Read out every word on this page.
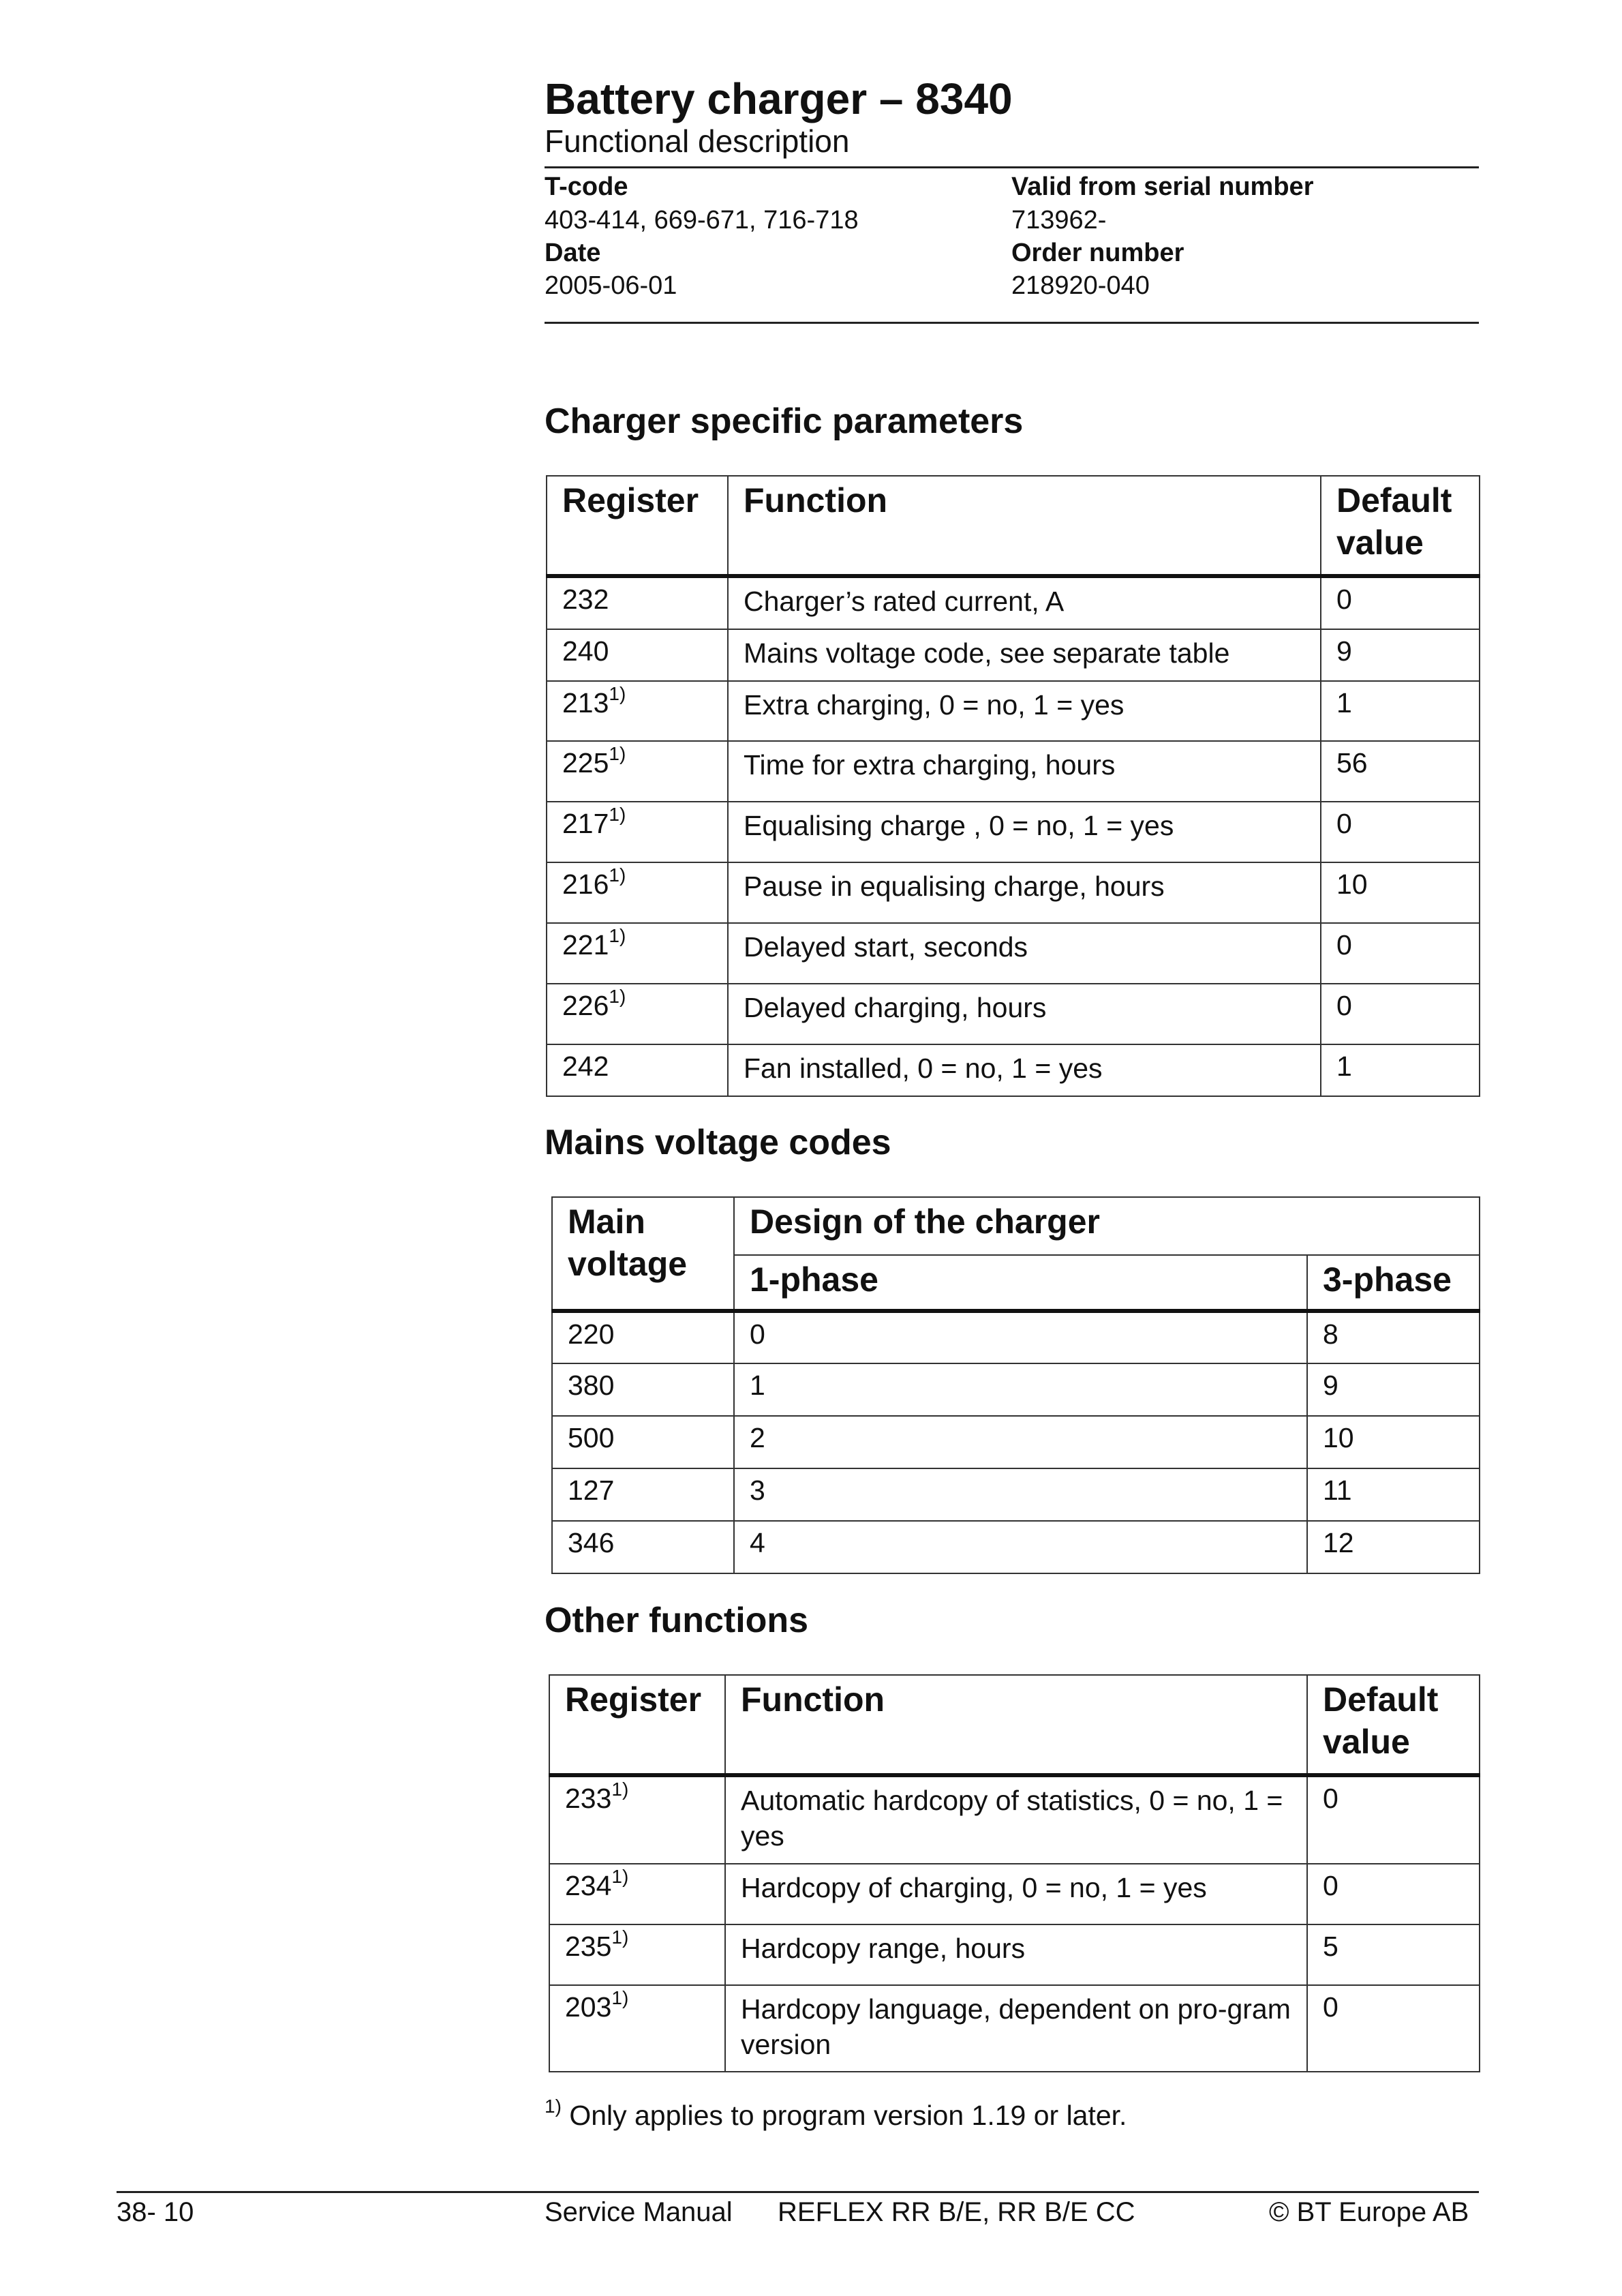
Battery charger – 8340
Functional description
T-code
403-414, 669-671, 716-718
Date
2005-06-01
Valid from serial number
713962-
Order number
218920-040
Charger specific parameters
Register	Function	Default value
232	Charger’s rated current, A	0
240	Mains voltage code, see separate table	9
213$^{1)}$	Extra charging, 0 = no, 1 = yes	1
225$^{1)}$	Time for extra charging, hours	56
217$^{1)}$	Equalising charge , 0 = no, 1 = yes	0
216$^{1)}$	Pause in equalising charge, hours	10
221$^{1)}$	Delayed start, seconds	0
226$^{1)}$	Delayed charging, hours	0
242	Fan installed, 0 = no, 1 = yes	1
Mains voltage codes
Main voltage	Design of the charger	
	1-phase	3-phase
220	0	8
380	1	9
500	2	10
127	3	11
346	4	12
Other functions
Register	Function	Default value
233$^{1)}$	Automatic hardcopy of statistics, 0 = no, 1 = yes	0
234$^{1)}$	Hardcopy of charging, 0 = no, 1 = yes	0
235$^{1)}$	Hardcopy range, hours	5
203$^{1)}$	Hardcopy language, dependent on pro-gram version	0
$^{1)}$ Only applies to program version 1.19 or later.
38- 10	Service Manual REFLEX RR B/E, RR B/E CC	© BT Europe AB
